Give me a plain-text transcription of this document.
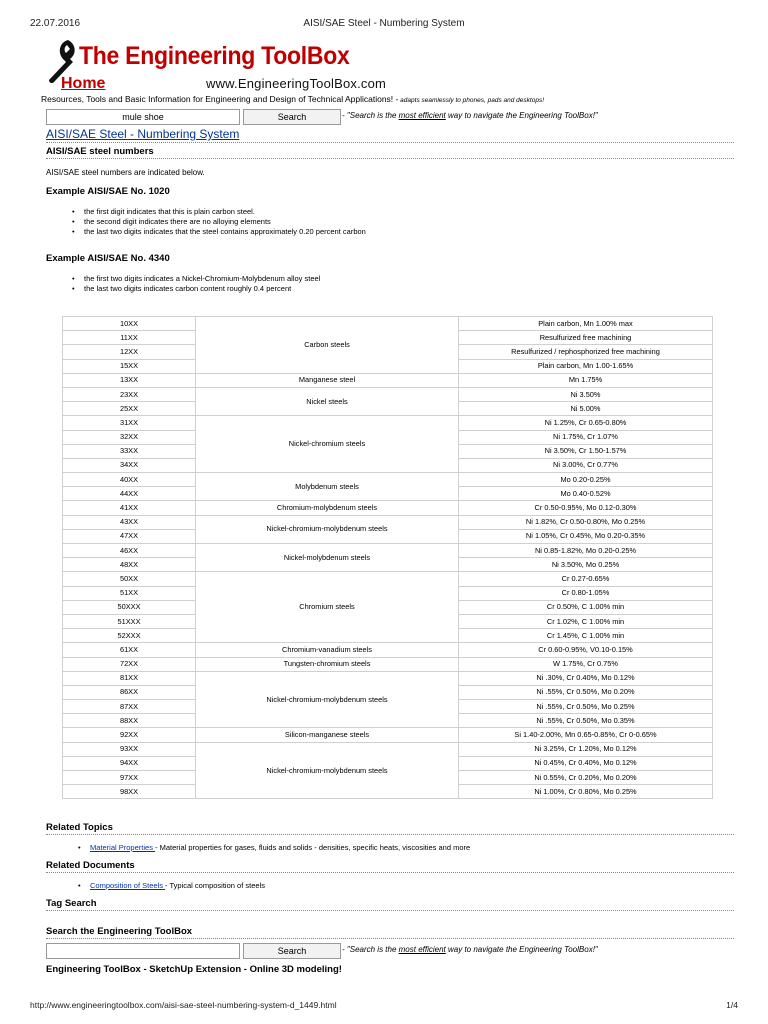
22.07.2016	AISI/SAE Steel - Numbering System
The Engineering ToolBox
Home	www.EngineeringToolBox.com
Resources, Tools and Basic Information for Engineering and Design of Technical Applications! - adapts seamlessly to phones, pads and desktops!
mule shoe	Search	- "Search is the most efficient way to navigate the Engineering ToolBox!"
AISI/SAE Steel - Numbering System
AISI/SAE steel numbers
AISI/SAE steel numbers are indicated below.
Example AISI/SAE No. 1020
• the first digit indicates that this is plain carbon steel.
• the second digit indicates there are no alloying elements
• the last two digits indicates that the steel contains approximately 0.20 percent carbon
Example AISI/SAE No. 4340
• the first two digits indicates a Nickel-Chromium-Molybdenum alloy steel
• the last two digits indicates carbon content roughly 0.4 percent
10XX	Carbon steels	Plain carbon, Mn 1.00% max
11XX		Resulfurized free machining
12XX		Resulfurized / rephosphorized free machining
15XX		Plain carbon, Mn 1.00-1.65%
13XX	Manganese steel	Mn 1.75%
23XX	Nickel steels	Ni 3.50%
25XX		Ni 5.00%
31XX	Nickel-chromium steels	Ni 1.25%, Cr 0.65-0.80%
32XX		Ni 1.75%, Cr 1.07%
33XX		Ni 3.50%, Cr 1.50-1.57%
34XX		Ni 3.00%, Cr 0.77%
40XX	Molybdenum steels	Mo 0.20-0.25%
44XX		Mo 0.40-0.52%
41XX	Chromium-molybdenum steels	Cr 0.50-0.95%, Mo 0.12-0.30%
43XX	Nickel-chromium-molybdenum steels	Ni 1.82%, Cr 0.50-0.80%, Mo 0.25%
47XX		Ni 1.05%, Cr 0.45%, Mo 0.20-0.35%
46XX	Nickel-molybdenum steels	Ni 0.85-1.82%, Mo 0.20-0.25%
48XX		Ni 3.50%, Mo 0.25%
50XX	Chromium steels	Cr 0.27-0.65%
51XX		Cr 0.80-1.05%
50XXX		Cr 0.50%, C 1.00% min
51XXX		Cr 1.02%, C 1.00% min
52XXX		Cr 1.45%, C 1.00% min
61XX	Chromium-vanadium steels	Cr 0.60-0.95%, V0.10-0.15%
72XX	Tungsten-chromium steels	W 1.75%, Cr 0.75%
81XX	Nickel-chromium-molybdenum steels	Ni .30%, Cr 0.40%, Mo 0.12%
86XX		Ni .55%, Cr 0.50%, Mo 0.20%
87XX		Ni .55%, Cr 0.50%, Mo 0.25%
88XX		Ni .55%, Cr 0.50%, Mo 0.35%
92XX	Silicon-manganese steels	Si 1.40-2.00%, Mn 0.65-0.85%, Cr 0-0.65%
93XX	Nickel-chromium-molybdenum steels	Ni 3.25%, Cr 1.20%, Mo 0.12%
94XX		Ni 0.45%, Cr 0.40%, Mo 0.12%
97XX		Ni 0.55%, Cr 0.20%, Mo 0.20%
98XX		Ni 1.00%, Cr 0.80%, Mo 0.25%
Related Topics
• Material Properties - Material properties for gases, fluids and solids - densities, specific heats, viscosities and more
Related Documents
• Composition of Steels - Typical composition of steels
Tag Search
Search the Engineering ToolBox
Search	- "Search is the most efficient way to navigate the Engineering ToolBox!"
Engineering ToolBox - SketchUp Extension - Online 3D modeling!
http://www.engineeringtoolbox.com/aisi-sae-steel-numbering-system-d_1449.html	1/4
